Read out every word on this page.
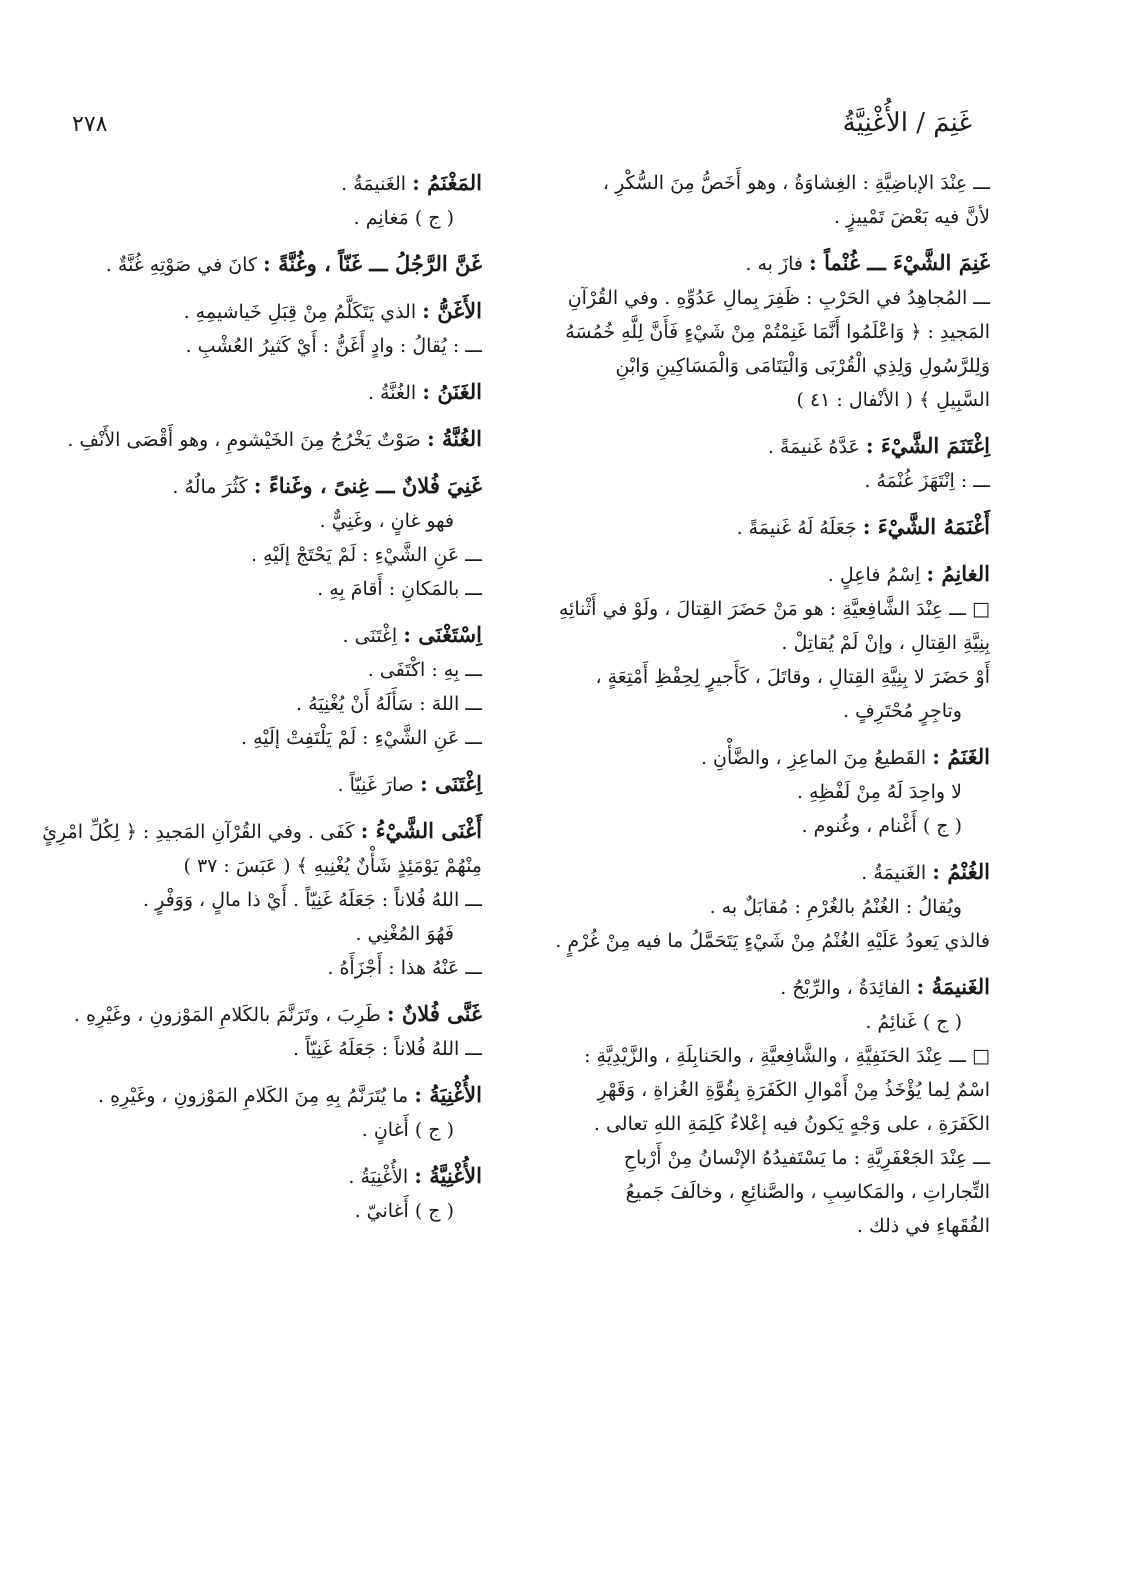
٢٧٨	غَنِمَ / الأُغْنِيَّةُ

ـــ عِنْدَ الإباضِيَّةِ : الغِشاوَةُ ، وهو أَخَصُّ مِنَ السُّكْرِ ،

لأنَّ فيه بَعْضَ تَمْييزٍ .

غَنِمَ الشَّيْءَ ـــ غُنْماً : فازَ به .

ـــ المُجاهِدُ في الحَرْبِ : ظَفِرَ بِمالِ عَدُوِّهِ . وفي القُرْآنِ

المَجيدِ : ﴿ وَاعْلَمُوا أَنَّمَا غَنِمْتُمْ مِنْ شَيْءٍ فَأَنَّ لِلَّهِ خُمُسَهُ

وَلِلرَّسُولِ وَلِذِي الْقُرْبَى وَالْيَتَامَى وَالْمَسَاكِينِ وَابْنِ

السَّبِيلِ ﴾ ( الأنْفال : ٤١ )

اِغْتَنَمَ الشَّيْءَ : عَدَّهُ غَنيمَةً .

ـــ : اِنْتَهَزَ غُنْمَهُ .

أَغْنَمَهُ الشَّيْءَ : جَعَلَهُ لَهُ غَنيمَةً .

الغانِمُ : اِسْمُ فاعِلٍ .

□ ـــ عِنْدَ الشَّافِعيَّةِ : هو مَنْ حَضَرَ القِتالَ ، ولَوْ في أَثْنائِهِ

بِنِيَّةِ القِتالِ ، وإنْ لَمْ يُقاتِلْ .

أَوْ حَضَرَ لا بِنِيَّةِ القِتالِ ، وقاتَلَ ، كَأَجيرٍ لِحِفْظِ أَمْتِعَةٍ ،

وتاجِرٍ مُحْتَرِفٍ .

الغَنَمُ : القَطيعُ مِنَ الماعِزِ ، والضَّأْنِ .

لا واحِدَ لَهُ مِنْ لَفْظِهِ .

( ج ) أَغْنام ، وغُنوم .

الغُنْمُ : الغَنيمَةُ .

ويُقالُ : الغُنْمُ بالغُرْمِ : مُقابَلٌ به .

فالذي يَعودُ عَلَيْهِ الغُنْمُ مِنْ شَيْءٍ يَتَحَمَّلُ ما فيه مِنْ غُرْمٍ .

الغَنيمَةُ : الفائِدَةُ ، والرِّبْحُ .

( ج ) غَنائِمُ .

□ ـــ عِنْدَ الحَنَفِيَّةِ ، والشَّافِعيَّةِ ، والحَنابِلَةِ ، والزَّيْدِيَّةِ :

اسْمٌ لِما يُؤْخَذُ مِنْ أَمْوالِ الكَفَرَةِ بِقُوَّةِ الغُزاةِ ، وَقَهْرِ

الكَفَرَةِ ، على وَجْهٍ يَكونُ فيه إعْلاءُ كَلِمَةِ اللهِ تعالى .

ـــ عِنْدَ الجَعْفَرِيَّةِ : ما يَسْتَفيدُهُ الإنْسانُ مِنْ أَرْباحِ

التِّجاراتِ ، والمَكاسِبِ ، والصَّنائِعِ ، وخالَفَ جَميعُ

الفُقَهاءِ في ذلك .

المَغْنَمُ : الغَنيمَةُ .

( ج ) مَغانِم .

غَنَّ الرَّجُلُ ـــ غَنّاً ، وغُنَّةً : كانَ في صَوْتِهِ غُنَّةٌ .

الأَغَنُّ : الذي يَتَكَلَّمُ مِنْ قِبَلِ خَياشيمِهِ .

ـــ : يُقالُ : وادٍ أَغَنُّ : أَيْ كَثيرُ العُشْبِ .

الغَنَنُ : الغُنَّةُ .

الغُنَّةُ : صَوْتٌ يَخْرُجُ مِنَ الخَيْشومِ ، وهو أَقْصَى الأَنْفِ .

غَنِيَ فُلانٌ ـــ غِنىً ، وغَناءً : كَثُرَ مالُهُ .

فهو غانٍ ، وغَنِيٌّ .

ـــ عَنِ الشَّيْءِ : لَمْ يَحْتَجْ إلَيْهِ .

ـــ بالمَكانِ : أَقامَ بِهِ .

اِسْتَغْنَى : اِغْتَنَى .

ـــ بِهِ : اكْتَفَى .

ـــ اللهَ : سَأَلَهُ أَنْ يُغْنِيَهُ .

ـــ عَنِ الشَّيْءِ : لَمْ يَلْتَفِتْ إلَيْهِ .

اِغْتَنَى : صارَ غَنِيّاً .

أَغْنَى الشَّيْءُ : كَفَى . وفي القُرْآنِ المَجيدِ : ﴿ لِكُلِّ امْرِئٍ

مِنْهُمْ يَوْمَئِذٍ شَأْنٌ يُغْنِيهِ ﴾ ( عَبَسَ : ٣٧ )

ـــ اللهُ فُلاناً : جَعَلَهُ غَنِيّاً . أَيْ ذا مالٍ ، وَوَفْرٍ .

فَهُوَ المُغْنِي .

ـــ عَنْهُ هذا : أَجْزَأَهُ .

غَنَّى فُلانٌ : طَرِبَ ، وتَرَنَّمَ بالكَلامِ المَوْزونِ ، وغَيْرِهِ .

ـــ اللهُ فُلاناً : جَعَلَهُ غَنِيّاً .

الأُغْنِيَةُ : ما يُتَرَنَّمُ بِهِ مِنَ الكَلامِ المَوْزونِ ، وغَيْرِهِ .

( ج ) أَغانٍ .

الأُغْنِيَّةُ : الأُغْنِيَةُ .

( ج ) أَغانيّ .
